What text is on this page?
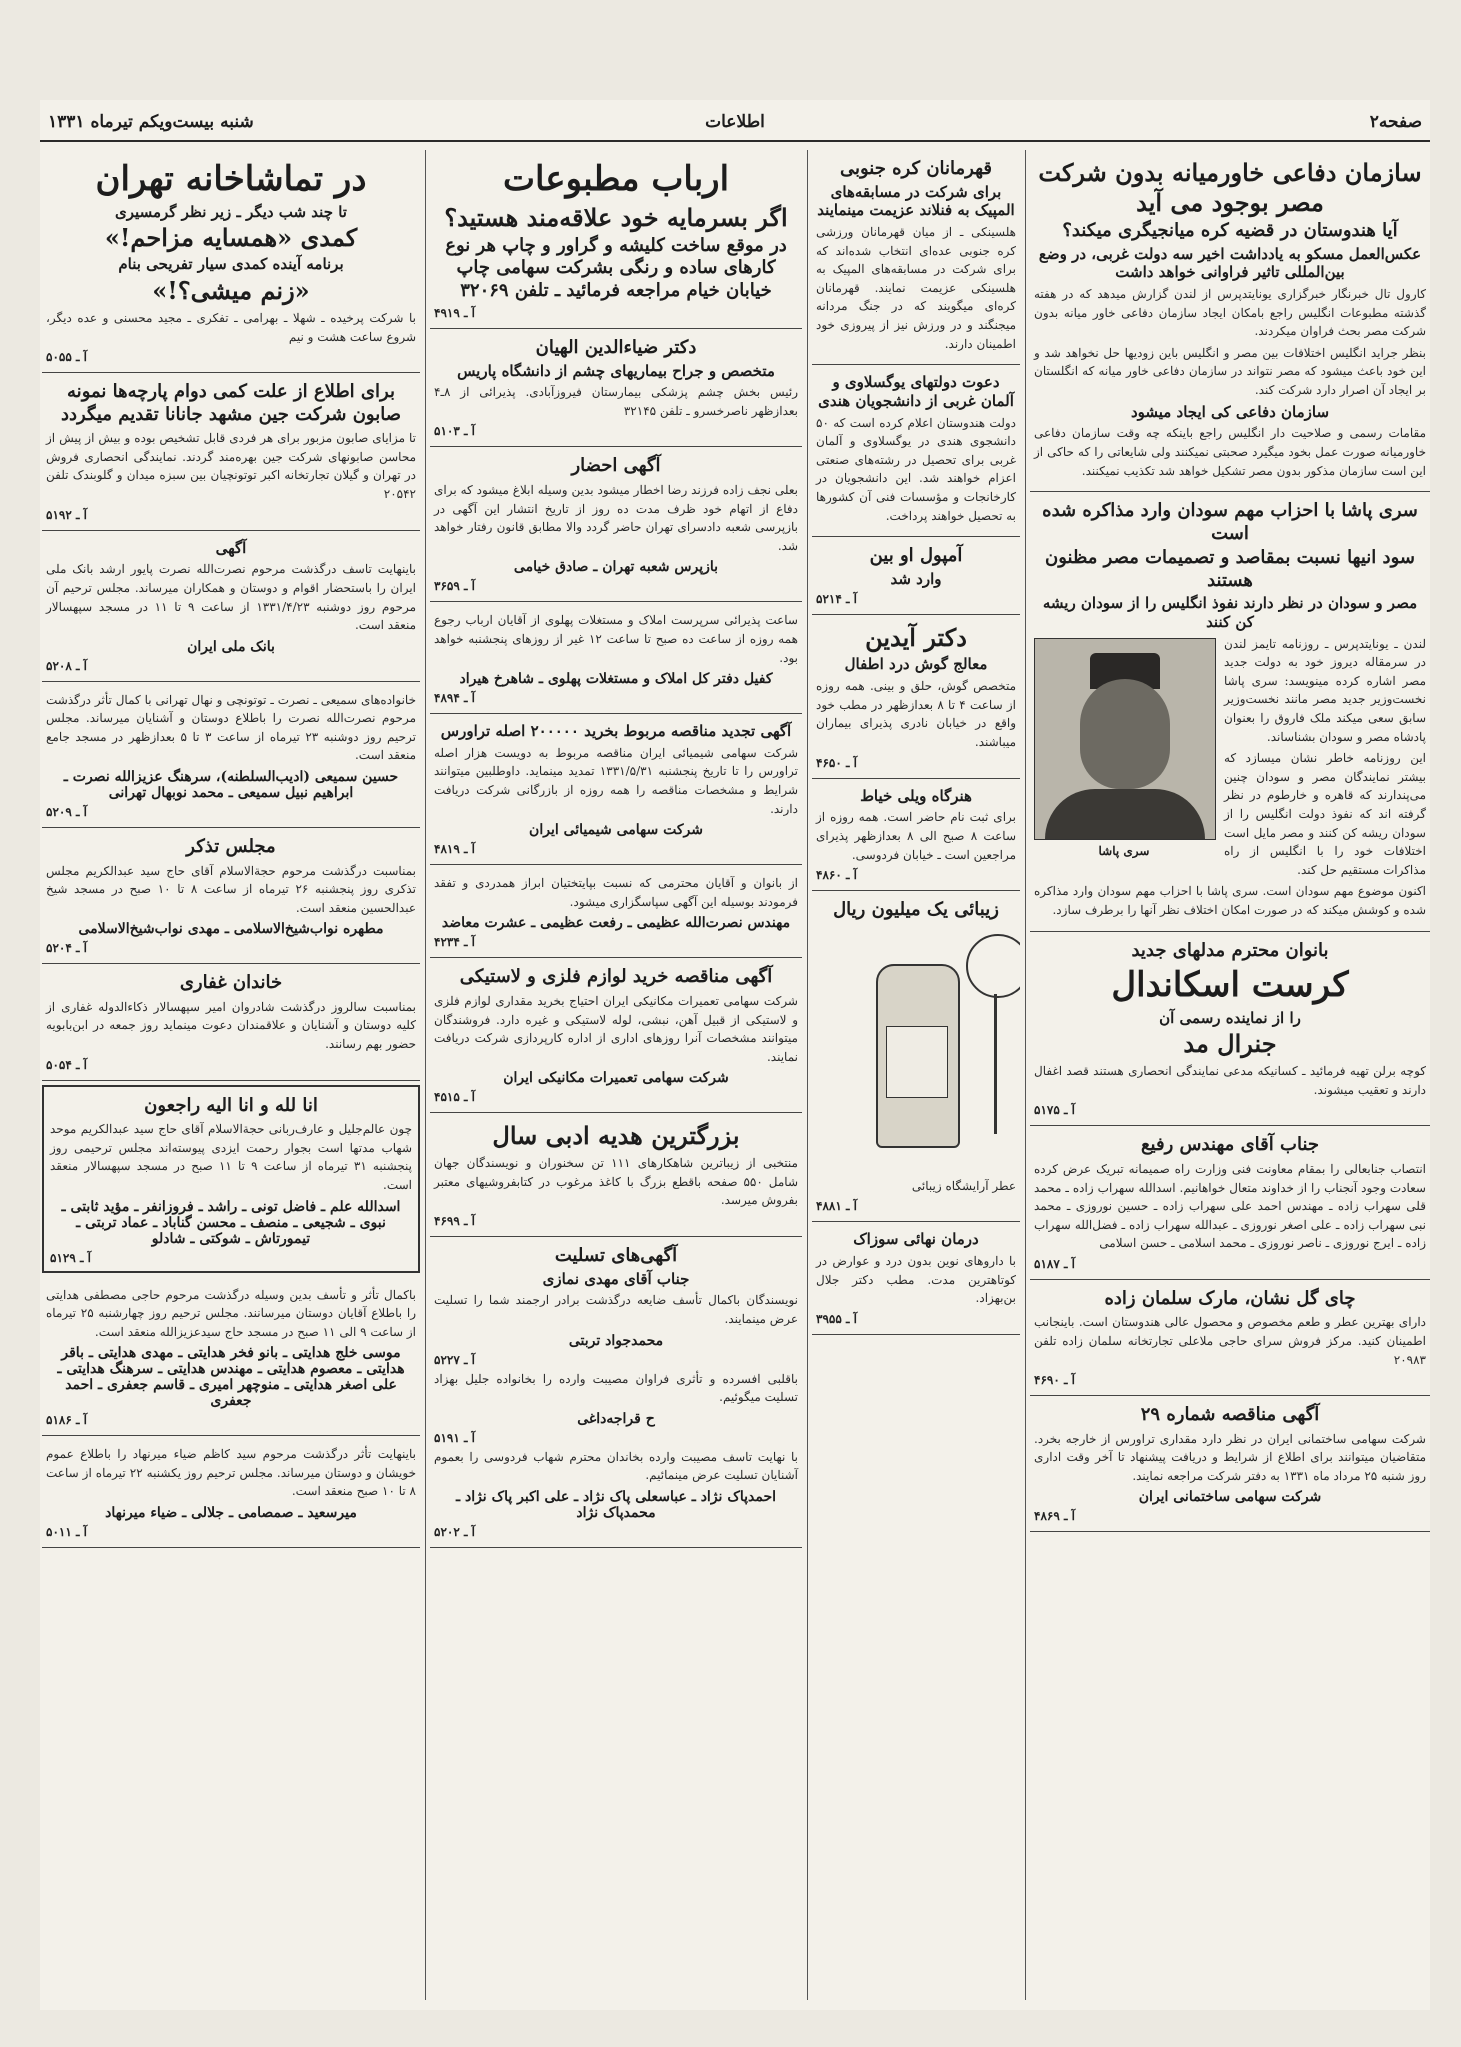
صفحه۲
اطلاعات
شنبه بیست‌ویکم تیرماه ۱۳۳۱
سازمان دفاعی خاورمیانه بدون شرکت مصر بوجود می آید
آیا هندوستان در قضیه کره میانجیگری میکند؟
عکس‌العمل مسکو به یادداشت اخیر سه دولت غربی، در وضع بین‌المللی تاثیر فراوانی خواهد داشت

کارول تال خبرنگار خبرگزاری یونایتدپرس از لندن گزارش میدهد که در هفته گذشته مطبوعات انگلیس راجع بامکان ایجاد سازمان دفاعی خاور میانه بدون شرکت مصر بحث فراوان میکردند.

بنظر جراید انگلیس اختلافات بین مصر و انگلیس باین زودیها حل نخواهد شد و این خود باعث میشود که مصر نتواند در سازمان دفاعی خاور میانه که انگلستان بر ایجاد آن اصرار دارد شرکت کند.

سازمان دفاعی کی ایجاد میشود

مقامات رسمی و صلاحیت دار انگلیس راجع باینکه چه وقت سازمان دفاعی خاورمیانه صورت عمل بخود میگیرد صحبتی نمیکنند ولی شایعاتی را که حاکی از این است سازمان مذکور بدون مصر تشکیل خواهد شد تکذیب نمیکنند.

سری پاشا با احزاب مهم سودان وارد مذاکره شده است
سود انیها نسبت بمقاصد و تصمیمات مصر مظنون هستند
مصر و سودان در نظر دارند نفوذ انگلیس را از سودان ریشه کن کنند

لندن ـ یونایتدپرس ـ روزنامه تایمز لندن در سرمقاله دیروز خود به دولت جدید مصر اشاره کرده مینویسد: سری پاشا نخست‌وزیر جدید مصر مانند نخست‌وزیر سابق سعی میکند ملک فاروق را بعنوان پادشاه مصر و سودان بشناساند.

سری پاشا

این روزنامه خاطر نشان میسازد که بیشتر نمایندگان مصر و سودان چنین می‌پندارند که قاهره و خارطوم در نظر گرفته اند که نفوذ دولت انگلیس را از سودان ریشه کن کنند و مصر مایل است اختلافات خود را با انگلیس از راه مذاکرات مستقیم حل کند.

اکنون موضوع مهم سودان است. سری پاشا با احزاب مهم سودان وارد مذاکره شده و کوشش میکند که در صورت امکان اختلاف نظر آنها را برطرف سازد.

بانوان محترم مدلهای جدید
کرست اسکاندال
را از نماینده رسمی آن
جنرال مد

کوچه برلن تهیه فرمائید ـ کسانیکه مدعی نمایندگی انحصاری هستند قصد اغفال دارند و تعقیب میشوند.

آ ـ ۵۱۷۵
جناب آقای مهندس رفیع

انتصاب جنابعالی را بمقام معاونت فنی وزارت راه صمیمانه تبریک عرض کرده سعادت وجود آنجناب را از خداوند متعال خواهانیم. اسدالله سهراب زاده ـ محمد قلی سهراب زاده ـ مهندس احمد علی سهراب زاده ـ حسین نوروزی ـ محمد نبی سهراب زاده ـ علی اصغر نوروزی ـ عبدالله سهراب زاده ـ فضل‌الله سهراب زاده ـ ایرج نوروزی ـ ناصر نوروزی ـ محمد اسلامی ـ حسن اسلامی

آ ـ ۵۱۸۷
چای گل نشان، مارک سلمان زاده

دارای بهترین عطر و طعم مخصوص و محصول عالی هندوستان است. باینجانب اطمینان کنید. مرکز فروش سرای حاجی ملاعلی تجارتخانه سلمان زاده تلفن ۲۰۹۸۳

آ ـ ۴۶۹۰
آگهی مناقصه شماره ۲۹

شرکت سهامی ساختمانی ایران در نظر دارد مقداری تراورس از خارجه بخرد. متقاضیان میتوانند برای اطلاع از شرایط و دریافت پیشنهاد تا آخر وقت اداری روز شنبه ۲۵ مرداد ماه ۱۳۳۱ به دفتر شرکت مراجعه نمایند.

شرکت سهامی ساختمانی ایران
آ ـ ۴۸۶۹
قهرمانان کره جنوبی
برای شرکت در مسابقه‌های المپیک به فنلاند عزیمت مینمایند

هلسینکی ـ از میان قهرمانان ورزشی کره جنوبی عده‌ای انتخاب شده‌اند که برای شرکت در مسابقه‌های المپیک به هلسینکی عزیمت نمایند. قهرمانان کره‌ای میگویند که در جنگ مردانه میجنگند و در ورزش نیز از پیروزی خود اطمینان دارند.

دعوت دولتهای یوگسلاوی و آلمان غربی از دانشجویان هندی

دولت هندوستان اعلام کرده است که ۵۰ دانشجوی هندی در یوگسلاوی و آلمان غربی برای تحصیل در رشته‌های صنعتی اعزام خواهند شد. این دانشجویان در کارخانجات و مؤسسات فنی آن کشورها به تحصیل خواهند پرداخت.

آمپول او بین
وارد شد
آ ـ ۵۲۱۴
دکتر آیدین
معالج گوش درد اطفال

متخصص گوش، حلق و بینی. همه روزه از ساعت ۴ تا ۸ بعدازظهر در مطب خود واقع در خیابان نادری پذیرای بیماران میباشند.

آ ـ ۴۶۵۰
هنرگاه ویلی خیاط

برای ثبت نام حاضر است. همه روزه از ساعت ۸ صبح الی ۸ بعدازظهر پذیرای مراجعین است ـ خیابان فردوسی.

آ ـ ۴۸۶۰
زیبائی یک میلیون ریال

عطر آرایشگاه زیبائی

آ ـ ۴۸۸۱
درمان نهائی سوزاک

با داروهای نوین بدون درد و عوارض در کوتاهترین مدت. مطب دکتر جلال بن‌بهزاد.

آ ـ ۳۹۵۵
ارباب مطبوعات
اگر بسرمایه خود علاقه‌مند هستید؟
در موقع ساخت کلیشه و گراور و چاپ هر نوع کارهای ساده و رنگی بشرکت سهامی چاپ خیابان خیام مراجعه فرمائید ـ تلفن ۳۲۰۶۹
آ ـ ۴۹۱۹
دکتر ضیاءالدین الهیان
متخصص و جراح بیماریهای چشم از دانشگاه پاریس

رئیس بخش چشم پزشکی بیمارستان فیروزآبادی. پذیرائی از ۸ـ۴ بعدازظهر ناصرخسرو ـ تلفن ۳۲۱۴۵

آ ـ ۵۱۰۳
آگهی احضار

بعلی نجف زاده فرزند رضا اخطار میشود بدین وسیله ابلاغ میشود که برای دفاع از اتهام خود ظرف مدت ده روز از تاریخ انتشار این آگهی در بازپرسی شعبه دادسرای تهران حاضر گردد والا مطابق قانون رفتار خواهد شد.

بازپرس شعبه تهران ـ صادق خیامی
آ ـ ۳۶۵۹

ساعت پذیرائی سرپرست املاک و مستغلات پهلوی از آقایان ارباب رجوع همه روزه از ساعت ده صبح تا ساعت ۱۲ غیر از روزهای پنجشنبه خواهد بود.

کفیل دفتر کل املاک و مستغلات پهلوی ـ شاهرخ هیراد
آ ـ ۴۸۹۴
آگهی تجدید مناقصه مربوط بخرید ۲۰۰۰۰۰ اصله تراورس

شرکت سهامی شیمیائی ایران مناقصه مربوط به دویست هزار اصله تراورس را تا تاریخ پنجشنبه ۱۳۳۱/۵/۳۱ تمدید مینماید. داوطلبین میتوانند شرایط و مشخصات مناقصه را همه روزه از بازرگانی شرکت دریافت دارند.

شرکت سهامی شیمیائی ایران
آ ـ ۴۸۱۹

از بانوان و آقایان محترمی که نسبت بپایتختیان ابراز همدردی و تفقد فرمودند بوسیله این آگهی سپاسگزاری میشود.

مهندس نصرت‌الله عظیمی ـ رفعت عظیمی ـ عشرت معاضد
آ ـ ۴۲۳۴
آگهی مناقصه خرید لوازم فلزی و لاستیکی

شرکت سهامی تعمیرات مکانیکی ایران احتیاج بخرید مقداری لوازم فلزی و لاستیکی از قبیل آهن، نبشی، لوله لاستیکی و غیره دارد. فروشندگان میتوانند مشخصات آنرا روزهای اداری از اداره کارپردازی شرکت دریافت نمایند.

شرکت سهامی تعمیرات مکانیکی ایران
آ ـ ۴۵۱۵
بزرگترین هدیه ادبی سال

منتخبی از زیباترین شاهکارهای ۱۱۱ تن سخنوران و نویسندگان جهان شامل ۵۵۰ صفحه باقطع بزرگ با کاغذ مرغوب در کتابفروشیهای معتبر بفروش میرسد.

آ ـ ۴۶۹۹
آگهی‌های تسلیت
جناب آقای مهدی نمازی

نویسندگان باکمال تأسف ضایعه درگذشت برادر ارجمند شما را تسلیت عرض مینمایند.

محمدجواد تربتی
آ ـ ۵۲۲۷

باقلبی افسرده و تأثری فراوان مصیبت وارده را بخانواده جلیل بهزاد تسلیت میگوئیم.

ح قراجه‌داغی
آ ـ ۵۱۹۱

با نهایت تاسف مصیبت وارده بخاندان محترم شهاب فردوسی را بعموم آشنایان تسلیت عرض مینمائیم.

احمدپاک نژاد ـ عباسعلی پاک نژاد ـ علی اکبر پاک نژاد ـ محمدپاک نژاد
آ ـ ۵۲۰۲
در تماشاخانه تهران
تا چند شب دیگر ـ زیر نظر گرمسیری
کمدی «همسایه مزاحم!»
برنامه آینده کمدی سیار تفریحی بنام
«زنم میشی؟!»

با شرکت پرخیده ـ شهلا ـ بهرامی ـ تفکری ـ مجید محسنی و عده دیگر، شروع ساعت هشت و نیم

آ ـ ۵۰۵۵
برای اطلاع از علت کمی دوام پارچه‌ها نمونه صابون شرکت جین مشهد جانانا تقدیم میگردد

تا مزایای صابون مزبور برای هر فردی قابل تشخیص بوده و بیش از پیش از محاسن صابونهای شرکت جین بهره‌مند گردند. نمایندگی انحصاری فروش در تهران و گیلان تجارتخانه اکبر توتونچیان بین سبزه میدان و گلوبندک تلفن ۲۰۵۴۲

آ ـ ۵۱۹۲
آگهی

باینهایت تاسف درگذشت مرحوم نصرت‌الله نصرت پایور ارشد بانک ملی ایران را باستحضار اقوام و دوستان و همکاران میرساند. مجلس ترحیم آن مرحوم روز دوشنبه ۱۳۳۱/۴/۲۳ از ساعت ۹ تا ۱۱ در مسجد سپهسالار منعقد است.

بانک ملی ایران
آ ـ ۵۲۰۸

خانواده‌های سمیعی ـ نصرت ـ توتونچی و نهال تهرانی با کمال تأثر درگذشت مرحوم نصرت‌الله نصرت را باطلاع دوستان و آشنایان میرساند. مجلس ترحیم روز دوشنبه ۲۳ تیرماه از ساعت ۳ تا ۵ بعدازظهر در مسجد جامع منعقد است.

حسین سمیعی (ادیب‌السلطنه)، سرهنگ عزیزالله نصرت ـ ابراهیم نبیل سمیعی ـ محمد نوبهال تهرانی
آ ـ ۵۲۰۹
مجلس تذکر

بمناسبت درگذشت مرحوم حجةالاسلام آقای حاج سید عبدالکریم مجلس تذکری روز پنجشنبه ۲۶ تیرماه از ساعت ۸ تا ۱۰ صبح در مسجد شیخ عبدالحسین منعقد است.

مطهره نواب‌شیخ‌الاسلامی ـ مهدی نواب‌شیخ‌الاسلامی
آ ـ ۵۲۰۴
خاندان غفاری

بمناسبت سالروز درگذشت شادروان امیر سپهسالار ذکاءالدوله غفاری از کلیه دوستان و آشنایان و علاقمندان دعوت مینماید روز جمعه در ابن‌بابویه حضور بهم رسانند.

آ ـ ۵۰۵۴
انا لله و انا الیه راجعون

چون عالم‌جلیل و عارف‌ربانی حجةالاسلام آقای حاج سید عبدالکریم موحد شهاب مدتها است بجوار رحمت ایزدی پیوسته‌اند مجلس ترحیمی روز پنجشنبه ۳۱ تیرماه از ساعت ۹ تا ۱۱ صبح در مسجد سپهسالار منعقد است.

اسدالله علم ـ فاضل تونی ـ راشد ـ فروزانفر ـ مؤید ثابتی ـ نبوی ـ شجیعی ـ منصف ـ محسن گناباد ـ عماد تربتی ـ تیمورتاش ـ شوکتی ـ شادلو
آ ـ ۵۱۲۹

باکمال تأثر و تأسف بدین وسیله درگذشت مرحوم حاجی مصطفی هدایتی را باطلاع آقایان دوستان میرسانند. مجلس ترحیم روز چهارشنبه ۲۵ تیرماه از ساعت ۹ الی ۱۱ صبح در مسجد حاج سیدعزیزالله منعقد است.

موسی خلج هدایتی ـ بانو فخر هدایتی ـ مهدی هدایتی ـ باقر هدایتی ـ معصوم هدایتی ـ مهندس هدایتی ـ سرهنگ هدایتی ـ علی اصغر هدایتی ـ منوچهر امیری ـ قاسم جعفری ـ احمد جعفری
آ ـ ۵۱۸۶

باینهایت تأثر درگذشت مرحوم سید کاظم ضیاء میرنهاد را باطلاع عموم خویشان و دوستان میرساند. مجلس ترحیم روز یکشنبه ۲۲ تیرماه از ساعت ۸ تا ۱۰ صبح منعقد است.

میرسعید ـ صمصامی ـ جلالی ـ ضیاء میرنهاد
آ ـ ۵۰۱۱
